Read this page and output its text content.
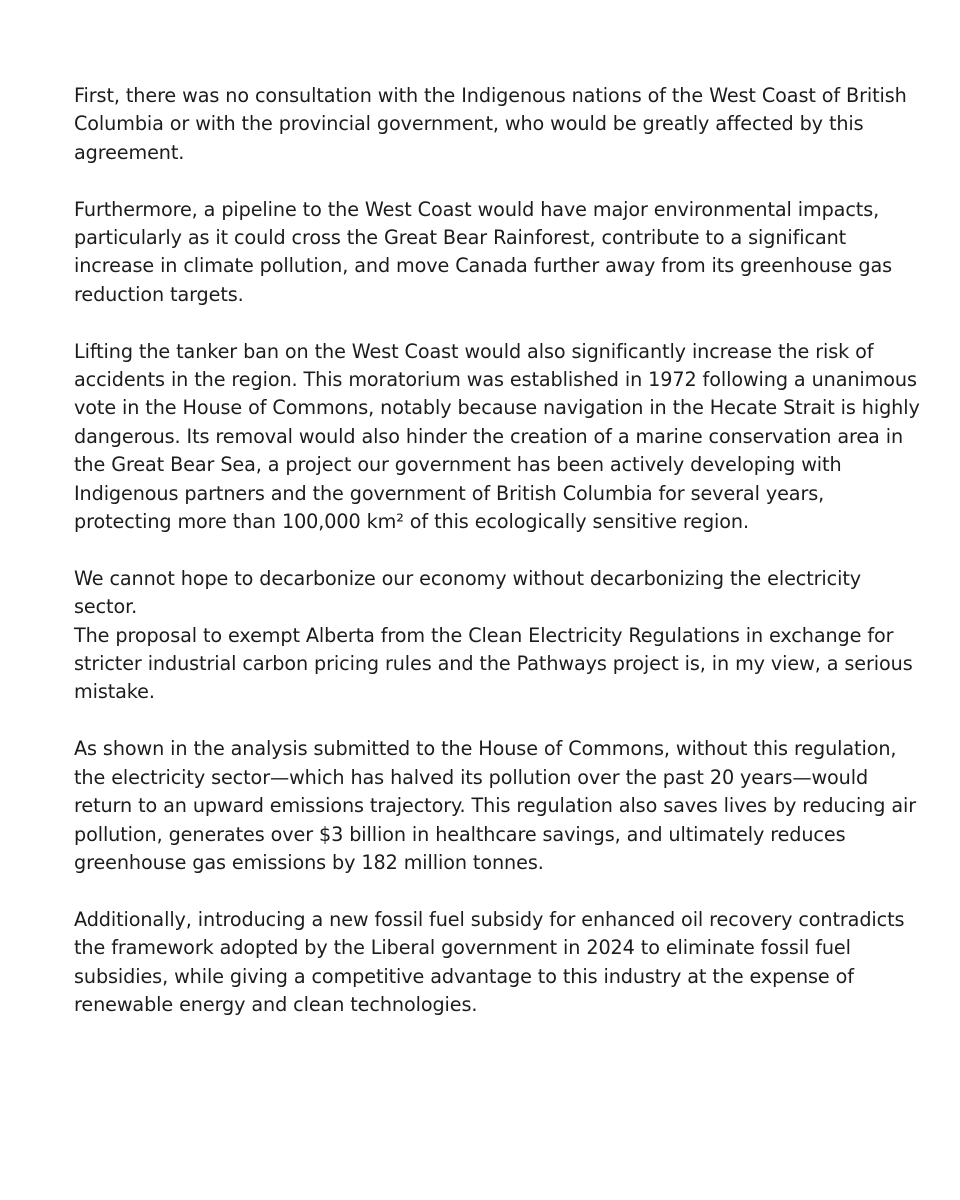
First, there was no consultation with the Indigenous nations of the West Coast of British Columbia or with the provincial government, who would be greatly affected by this agreement.

Furthermore, a pipeline to the West Coast would have major environmental impacts, particularly as it could cross the Great Bear Rainforest, contribute to a significant increase in climate pollution, and move Canada further away from its greenhouse gas reduction targets.

Lifting the tanker ban on the West Coast would also significantly increase the risk of accidents in the region. This moratorium was established in 1972 following a unanimous vote in the House of Commons, notably because navigation in the Hecate Strait is highly dangerous. Its removal would also hinder the creation of a marine conservation area in the Great Bear Sea, a project our government has been actively developing with Indigenous partners and the government of British Columbia for several years, protecting more than 100,000 km² of this ecologically sensitive region.

We cannot hope to decarbonize our economy without decarbonizing the electricity sector.

The proposal to exempt Alberta from the Clean Electricity Regulations in exchange for stricter industrial carbon pricing rules and the Pathways project is, in my view, a serious mistake.

As shown in the analysis submitted to the House of Commons, without this regulation, the electricity sector—which has halved its pollution over the past 20 years—would return to an upward emissions trajectory. This regulation also saves lives by reducing air pollution, generates over $3 billion in healthcare savings, and ultimately reduces greenhouse gas emissions by 182 million tonnes.

Additionally, introducing a new fossil fuel subsidy for enhanced oil recovery contradicts the framework adopted by the Liberal government in 2024 to eliminate fossil fuel subsidies, while giving a competitive advantage to this industry at the expense of renewable energy and clean technologies.
